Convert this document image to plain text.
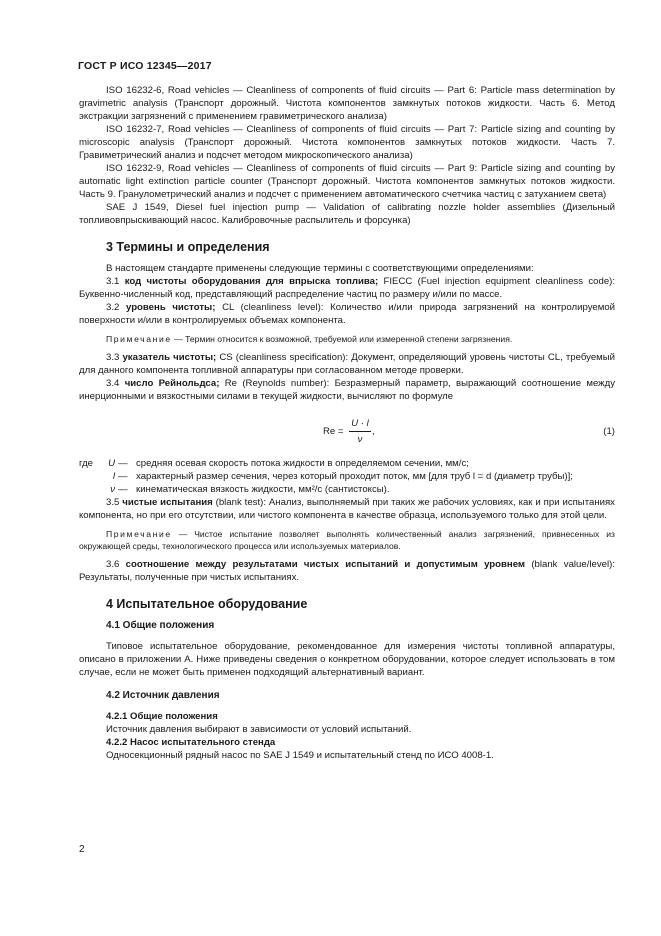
ГОСТ Р ИСО 12345—2017

ISO 16232-6, Road vehicles — Cleanliness of components of fluid circuits — Part 6: Particle mass determination by gravimetric analysis (Транспорт дорожный. Чистота компонентов замкнутых потоков жидкости. Часть 6. Метод экстракции загрязнений с применением гравиметрического анализа)

ISO 16232-7, Road vehicles — Cleanliness of components of fluid circuits — Part 7: Particle sizing and counting by microscopic analysis (Транспорт дорожный. Чистота компонентов замкнутых потоков жидкости. Часть 7. Гравиметрический анализ и подсчет методом микроскопического анализа)

ISO 16232-9, Road vehicles — Cleanliness of components of fluid circuits — Part 9: Particle sizing and counting by automatic light extinction particle counter (Транспорт дорожный. Чистота компонентов замкнутых потоков жидкости. Часть 9. Гранулометрический анализ и подсчет с применением автоматического счетчика частиц с затуханием света)

SAE J 1549, Diesel fuel injection pump — Validation of calibrating nozzle holder assemblies (Дизельный топливовпрыскивающий насос. Калибровочные распылитель и форсунка)

3 Термины и определения

В настоящем стандарте применены следующие термины с соответствующими определениями:

3.1 код чистоты оборудования для впрыска топлива; FIECC (Fuel injection equipment cleanliness code): Буквенно-численный код, представляющий распределение частиц по размеру и/или по массе.

3.2 уровень чистоты; CL (cleanliness level): Количество и/или природа загрязнений на контролируемой поверхности и/или в контролируемых объемах компонента.

Примечание — Термин относится к возможной, требуемой или измеренной степени загрязнения.

3.3 указатель чистоты; CS (cleanliness specification): Документ, определяющий уровень чистоты CL, требуемый для данного компонента топливной аппаратуры при согласованном методе проверки.

3.4 число Рейнольдса; Re (Reynolds number): Безразмерный параметр, выражающий соотношение между инерционными и вязкостными силами в текущей жидкости, вычисляют по формуле

$Re = \frac{U \cdot l}{\nu}$ ,	(1)
где	U	—	средняя осевая скорость потока жидкости в определяемом сечении, мм/с;
	l	—	характерный размер сечения, через который проходит поток, мм [для труб l = d (диаметр трубы)];
	ν	—	кинематическая вязкость жидкости, мм²/с (сантистоксы).

3.5 чистые испытания (blank test): Анализ, выполняемый при таких же рабочих условиях, как и при испытаниях компонента, но при его отсутствии, или чистого компонента в качестве образца, используемого только для этой цели.

Примечание — Чистое испытание позволяет выполнять количественный анализ загрязнений, привнесенных из окружающей среды, технологического процесса или используемых материалов.

3.6 соотношение между результатами чистых испытаний и допустимым уровнем (blank value/level): Результаты, полученные при чистых испытаниях.

4 Испытательное оборудование
4.1 Общие положения

Типовое испытательное оборудование, рекомендованное для измерения чистоты топливной аппаратуры, описано в приложении А. Ниже приведены сведения о конкретном оборудовании, которое следует использовать в том случае, если не может быть применен подходящий альтернативный вариант.

4.2 Источник давления
4.2.1 Общие положения

Источник давления выбирают в зависимости от условий испытаний.

4.2.2 Насос испытательного стенда

Односекционный рядный насос по SAE J 1549 и испытательный стенд по ИСО 4008-1.

2
